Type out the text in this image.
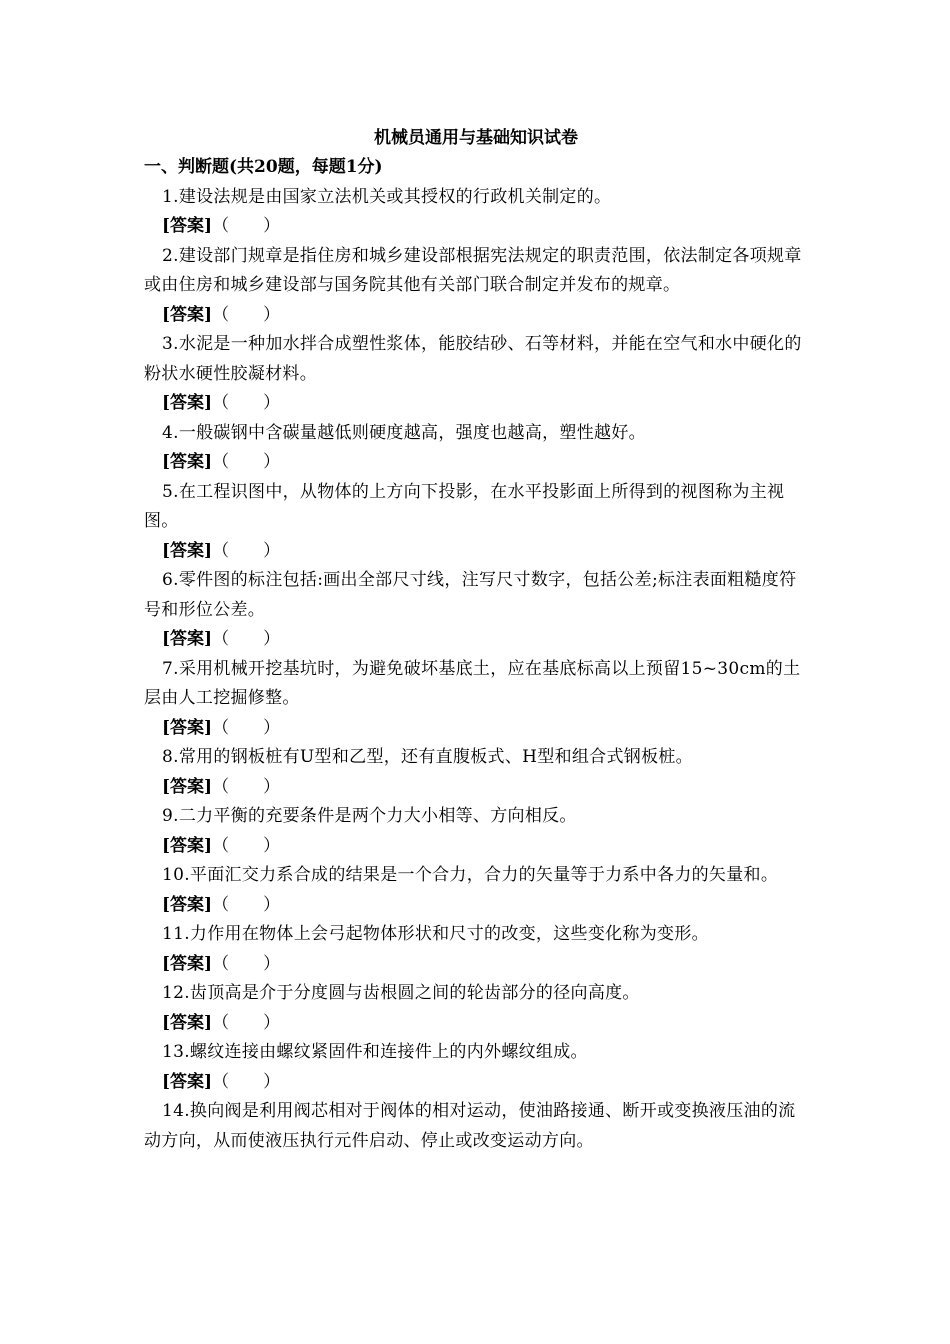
机械员通用与基础知识试卷
一、判断题(共20题，每题1分)

1.建设法规是由国家立法机关或其授权的行政机关制定的。

[答案]（　　）

2.建设部门规章是指住房和城乡建设部根据宪法规定的职责范围，依法制定各项规章或由住房和城乡建设部与国务院其他有关部门联合制定并发布的规章。

[答案]（　　）

3.水泥是一种加水拌合成塑性浆体，能胶结砂、石等材料，并能在空气和水中硬化的粉状水硬性胶凝材料。

[答案]（　　）

4.一般碳钢中含碳量越低则硬度越高，强度也越高，塑性越好。

[答案]（　　）

5.在工程识图中，从物体的上方向下投影，在水平投影面上所得到的视图称为主视图。

[答案]（　　）

6.零件图的标注包括:画出全部尺寸线，注写尺寸数字，包括公差;标注表面粗糙度符号和形位公差。

[答案]（　　）

7.采用机械开挖基坑时，为避免破坏基底土，应在基底标高以上预留15~30cm的土层由人工挖掘修整。

[答案]（　　）

8.常用的钢板桩有U型和乙型，还有直腹板式、H型和组合式钢板桩。

[答案]（　　）

9.二力平衡的充要条件是两个力大小相等、方向相反。

[答案]（　　）

10.平面汇交力系合成的结果是一个合力，合力的矢量等于力系中各力的矢量和。

[答案]（　　）

11.力作用在物体上会弓起物体形状和尺寸的改变，这些变化称为变形。

[答案]（　　）

12.齿顶高是介于分度圆与齿根圆之间的轮齿部分的径向高度。

[答案]（　　）

13.螺纹连接由螺纹紧固件和连接件上的内外螺纹组成。

[答案]（　　）

14.换向阀是利用阀芯相对于阀体的相对运动，使油路接通、断开或变换液压油的流动方向，从而使液压执行元件启动、停止或改变运动方向。
